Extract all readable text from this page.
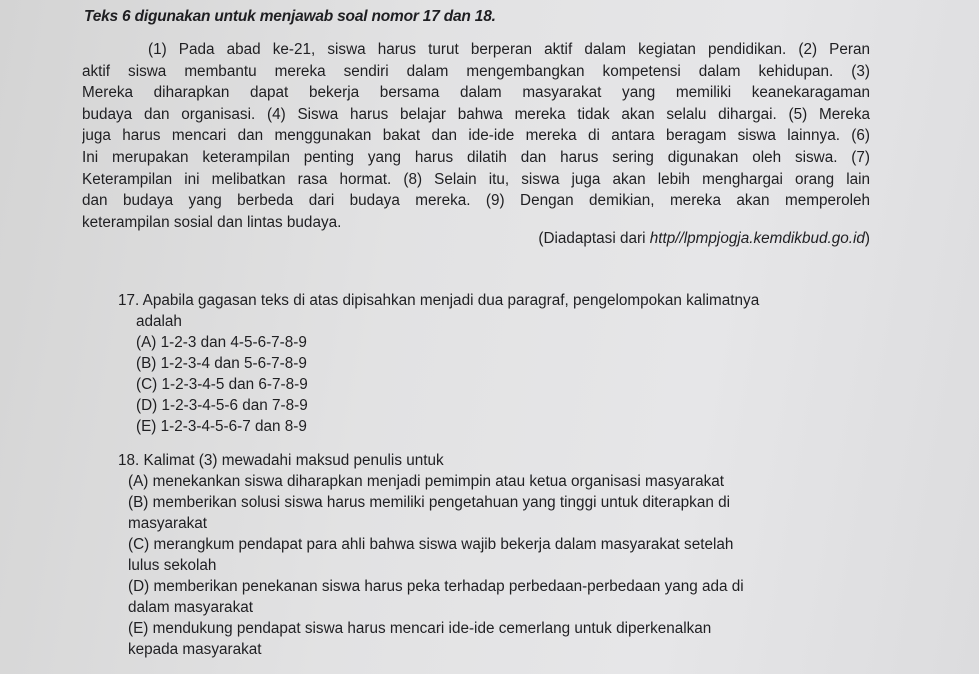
Teks 6 digunakan untuk menjawab soal nomor 17 dan 18.
(1) Pada abad ke-21, siswa harus turut berperan aktif dalam kegiatan pendidikan. (2) Peran
aktif siswa membantu mereka sendiri dalam mengembangkan kompetensi dalam kehidupan. (3)
Mereka diharapkan dapat bekerja bersama dalam masyarakat yang memiliki keanekaragaman
budaya dan organisasi. (4) Siswa harus belajar bahwa mereka tidak akan selalu dihargai. (5) Mereka
juga harus mencari dan menggunakan bakat dan ide-ide mereka di antara beragam siswa lainnya. (6)
Ini merupakan keterampilan penting yang harus dilatih dan harus sering digunakan oleh siswa. (7)
Keterampilan ini melibatkan rasa hormat. (8) Selain itu, siswa juga akan lebih menghargai orang lain
dan budaya yang berbeda dari budaya mereka. (9) Dengan demikian, mereka akan memperoleh
keterampilan sosial dan lintas budaya.
(Diadaptasi dari http//lpmpjogja.kemdikbud.go.id)
17. Apabila gagasan teks di atas dipisahkan menjadi dua paragraf, pengelompokan kalimatnya
adalah
(A) 1-2-3 dan 4-5-6-7-8-9
(B) 1-2-3-4 dan 5-6-7-8-9
(C) 1-2-3-4-5 dan 6-7-8-9
(D) 1-2-3-4-5-6 dan 7-8-9
(E) 1-2-3-4-5-6-7 dan 8-9
18. Kalimat (3) mewadahi maksud penulis untuk
(A) menekankan siswa diharapkan menjadi pemimpin atau ketua organisasi masyarakat
(B) memberikan solusi siswa harus memiliki pengetahuan yang tinggi untuk diterapkan di
masyarakat
(C) merangkum pendapat para ahli bahwa siswa wajib bekerja dalam masyarakat setelah
lulus sekolah
(D) memberikan penekanan siswa harus peka terhadap perbedaan-perbedaan yang ada di
dalam masyarakat
(E) mendukung pendapat siswa harus mencari ide-ide cemerlang untuk diperkenalkan
kepada masyarakat
